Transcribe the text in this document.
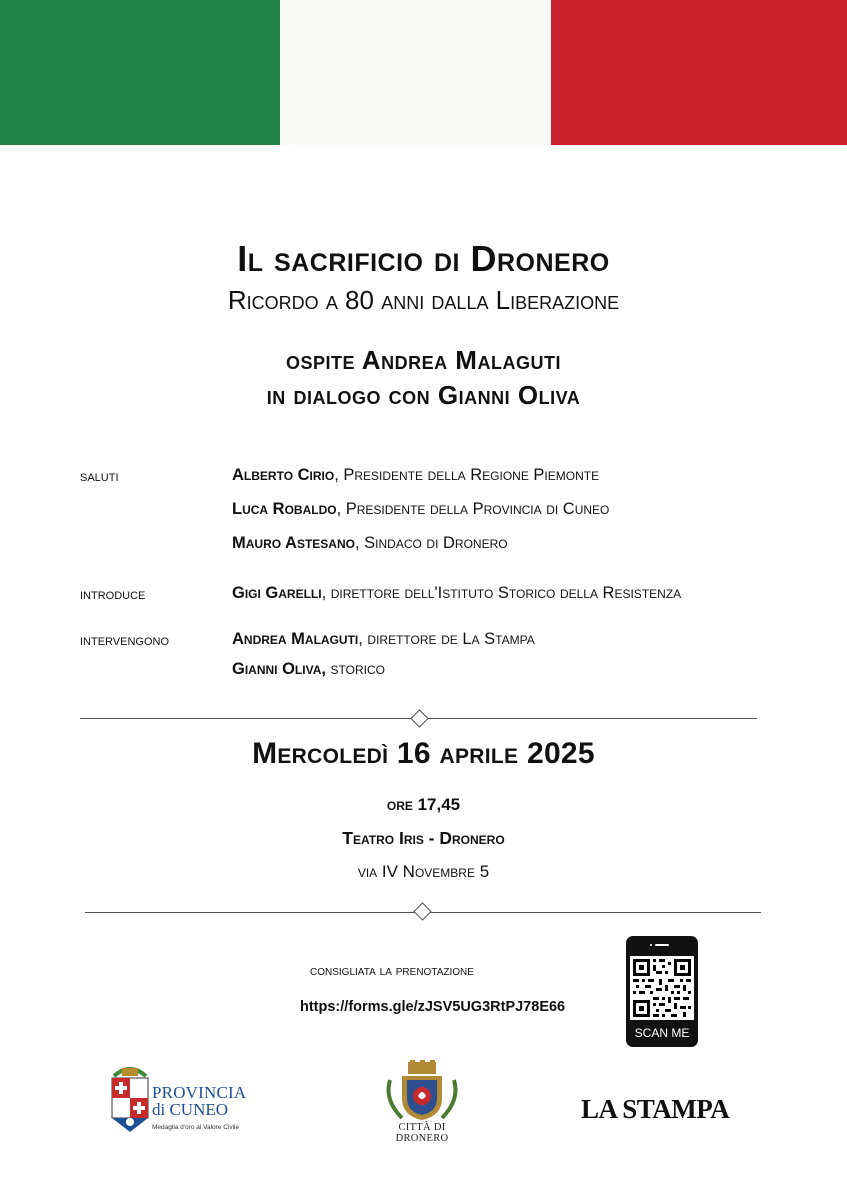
Il sacrificio di Dronero
Ricordo a 80 anni dalla Liberazione
ospite Andrea Malaguti
in dialogo con Gianni Oliva
saluti	Alberto Cirio, Presidente della Regione Piemonte
Luca Robaldo, Presidente della Provincia di Cuneo
Mauro Astesano, Sindaco di Dronero
introduce	Gigi Garelli, direttore dell'Istituto Storico della Resistenza
intervengono	Andrea Malaguti, direttore de La Stampa
Gianni Oliva, storico
Mercoledì 16 aprile 2025
ore 17,45
Teatro Iris - Dronero
via IV Novembre 5
consigliata la prenotazione
https://forms.gle/zJSV5UG3RtPJ78E66
SCAN ME
PROVINCIA
di CUNEO
Medaglia d'oro al Valore Civile	CITTÀ DI DRONERO
LA STAMPA
